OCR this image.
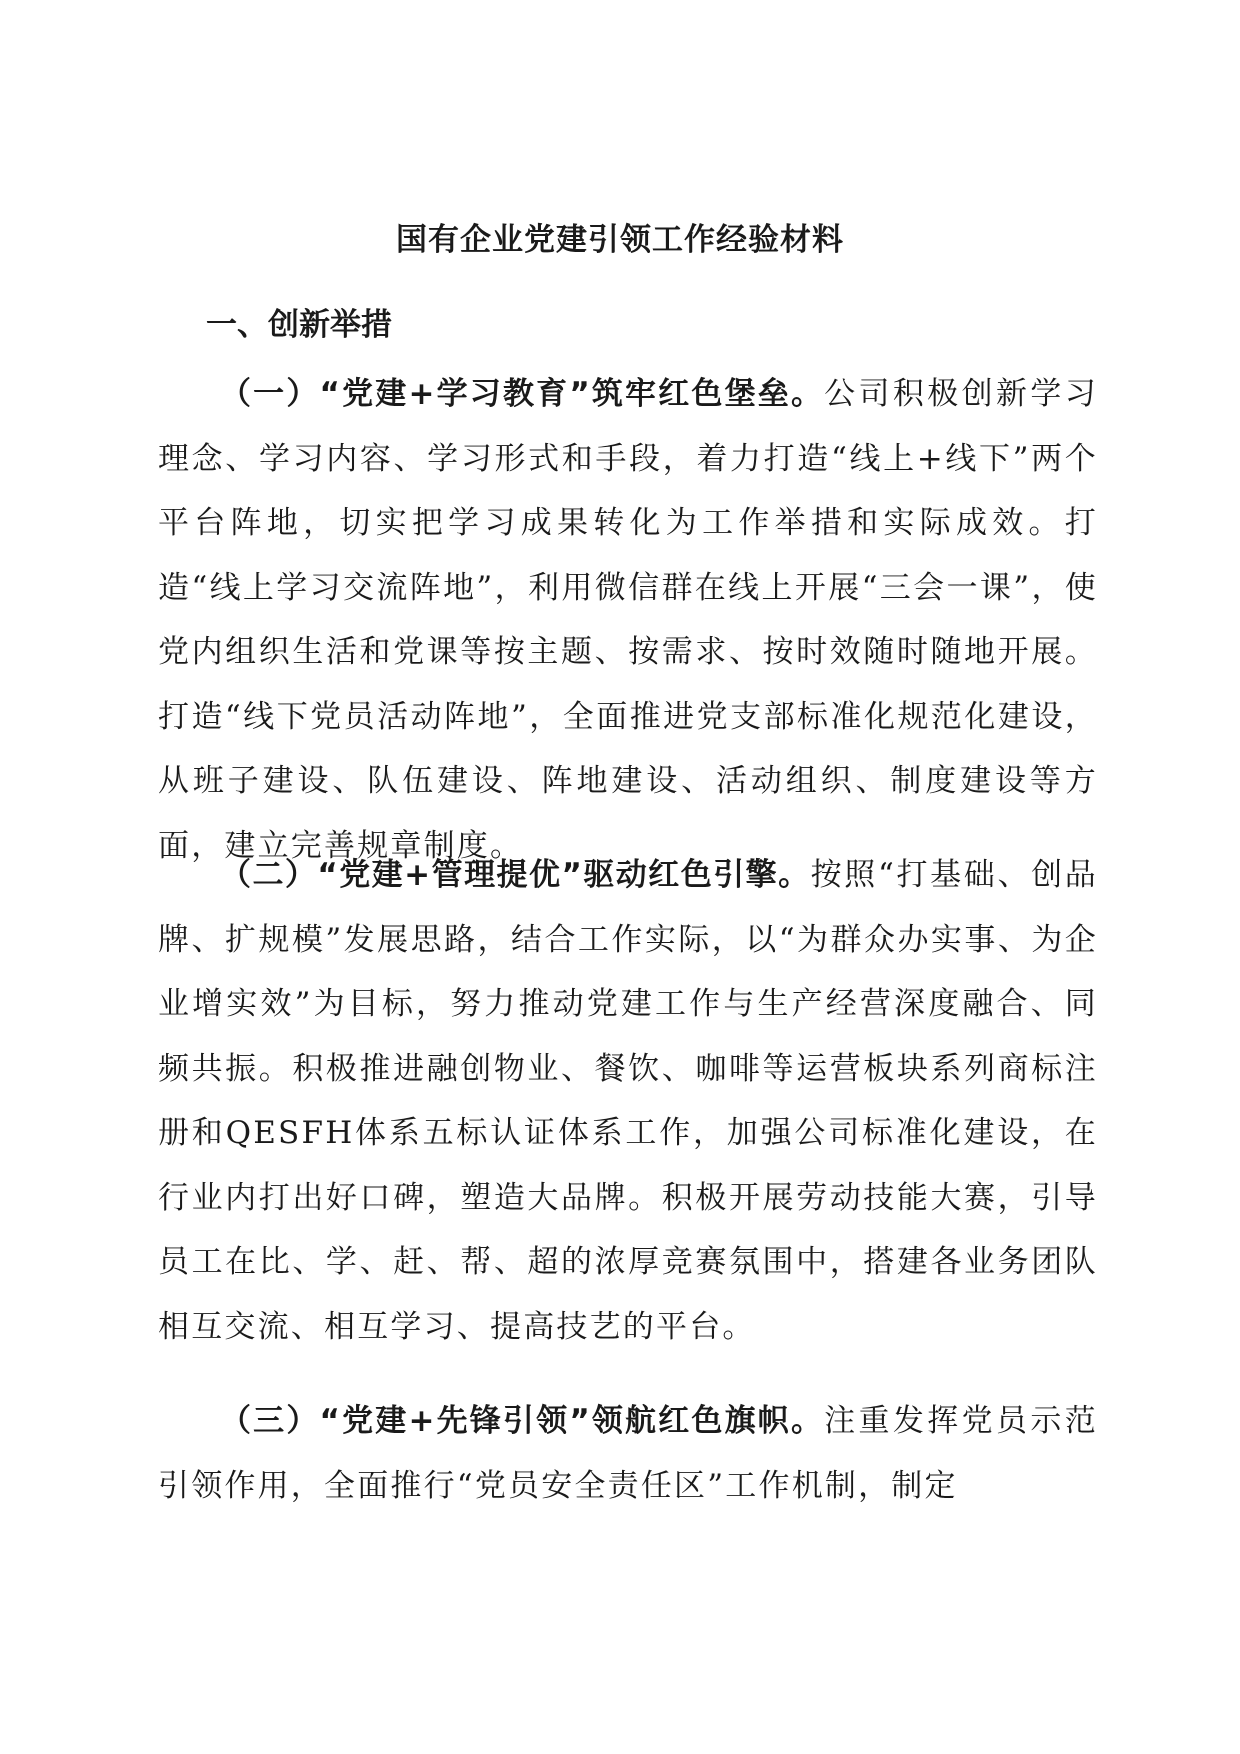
国有企业党建引领工作经验材料
一、创新举措
（一）“党建+学习教育”筑牢红色堡垒。公司积极创新学习理念、学习内容、学习形式和手段，着力打造“线上+线下”两个平台阵地，切实把学习成果转化为工作举措和实际成效。打造“线上学习交流阵地”，利用微信群在线上开展“三会一课”，使党内组织生活和党课等按主题、按需求、按时效随时随地开展。打造“线下党员活动阵地”，全面推进党支部标准化规范化建设，从班子建设、队伍建设、阵地建设、活动组织、制度建设等方面，建立完善规章制度。
（二）“党建+管理提优”驱动红色引擎。按照“打基础、创品牌、扩规模”发展思路，结合工作实际，以“为群众办实事、为企业增实效”为目标，努力推动党建工作与生产经营深度融合、同频共振。积极推进融创物业、餐饮、咖啡等运营板块系列商标注册和QESFH体系五标认证体系工作，加强公司标准化建设，在行业内打出好口碑，塑造大品牌。积极开展劳动技能大赛，引导员工在比、学、赶、帮、超的浓厚竞赛氛围中，搭建各业务团队相互交流、相互学习、提高技艺的平台。
（三）“党建+先锋引领”领航红色旗帜。注重发挥党员示范引领作用，全面推行“党员安全责任区”工作机制，制定
